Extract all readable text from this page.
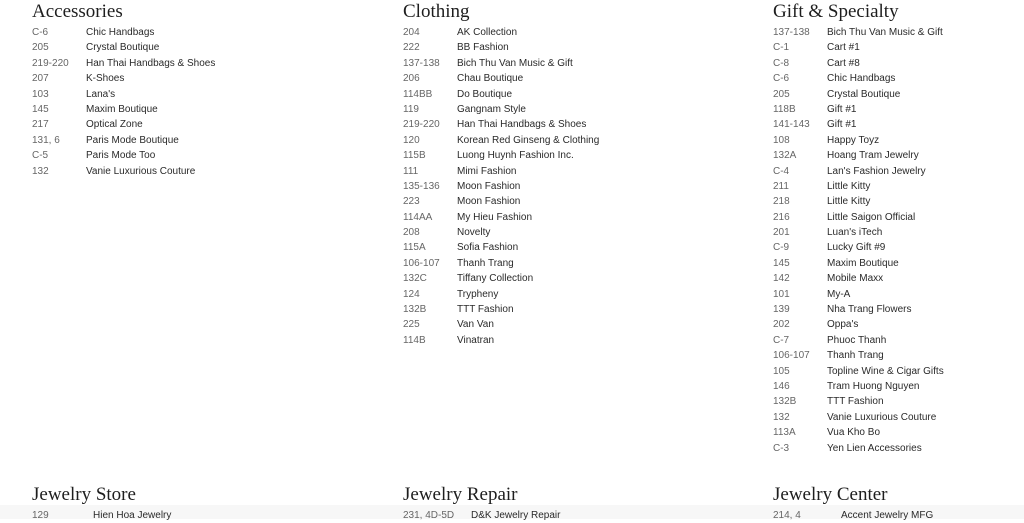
Accessories
C-6	Chic Handbags
205	Crystal Boutique
219-220	Han Thai Handbags & Shoes
207	K-Shoes
103	Lana's
145	Maxim Boutique
217	Optical Zone
131, 6	Paris Mode Boutique
C-5	Paris Mode Too
132	Vanie Luxurious Couture
Clothing
204	AK Collection
222	BB Fashion
137-138	Bich Thu Van Music & Gift
206	Chau Boutique
114BB	Do Boutique
119	Gangnam Style
219-220	Han Thai Handbags & Shoes
120	Korean Red Ginseng & Clothing
115B	Luong Huynh Fashion Inc.
111	Mimi Fashion
135-136	Moon Fashion
223	Moon Fashion
114AA	My Hieu Fashion
208	Novelty
115A	Sofia Fashion
106-107	Thanh Trang
132C	Tiffany Collection
124	Trypheny
132B	TTT Fashion
225	Van Van
114B	Vinatran
Gift & Specialty
137-138	Bich Thu Van Music & Gift
C-1	Cart #1
C-8	Cart #8
C-6	Chic Handbags
205	Crystal Boutique
118B	Gift #1
141-143	Gift #1
108	Happy Toyz
132A	Hoang Tram Jewelry
C-4	Lan's Fashion Jewelry
211	Little Kitty
218	Little Kitty
216	Little Saigon Official
201	Luan's iTech
C-9	Lucky Gift #9
145	Maxim Boutique
142	Mobile Maxx
101	My-A
139	Nha Trang Flowers
202	Oppa's
C-7	Phuoc Thanh
106-107	Thanh Trang
105	Topline Wine & Cigar Gifts
146	Tram Huong Nguyen
132B	TTT Fashion
132	Vanie Luxurious Couture
113A	Vua Kho Bo
C-3	Yen Lien Accessories
Jewelry Store
129	Hien Hoa Jewelry
Jewelry Repair
231, 4D-5D	D&K Jewelry Repair
Jewelry Center
214, 4	Accent Jewelry MFG
